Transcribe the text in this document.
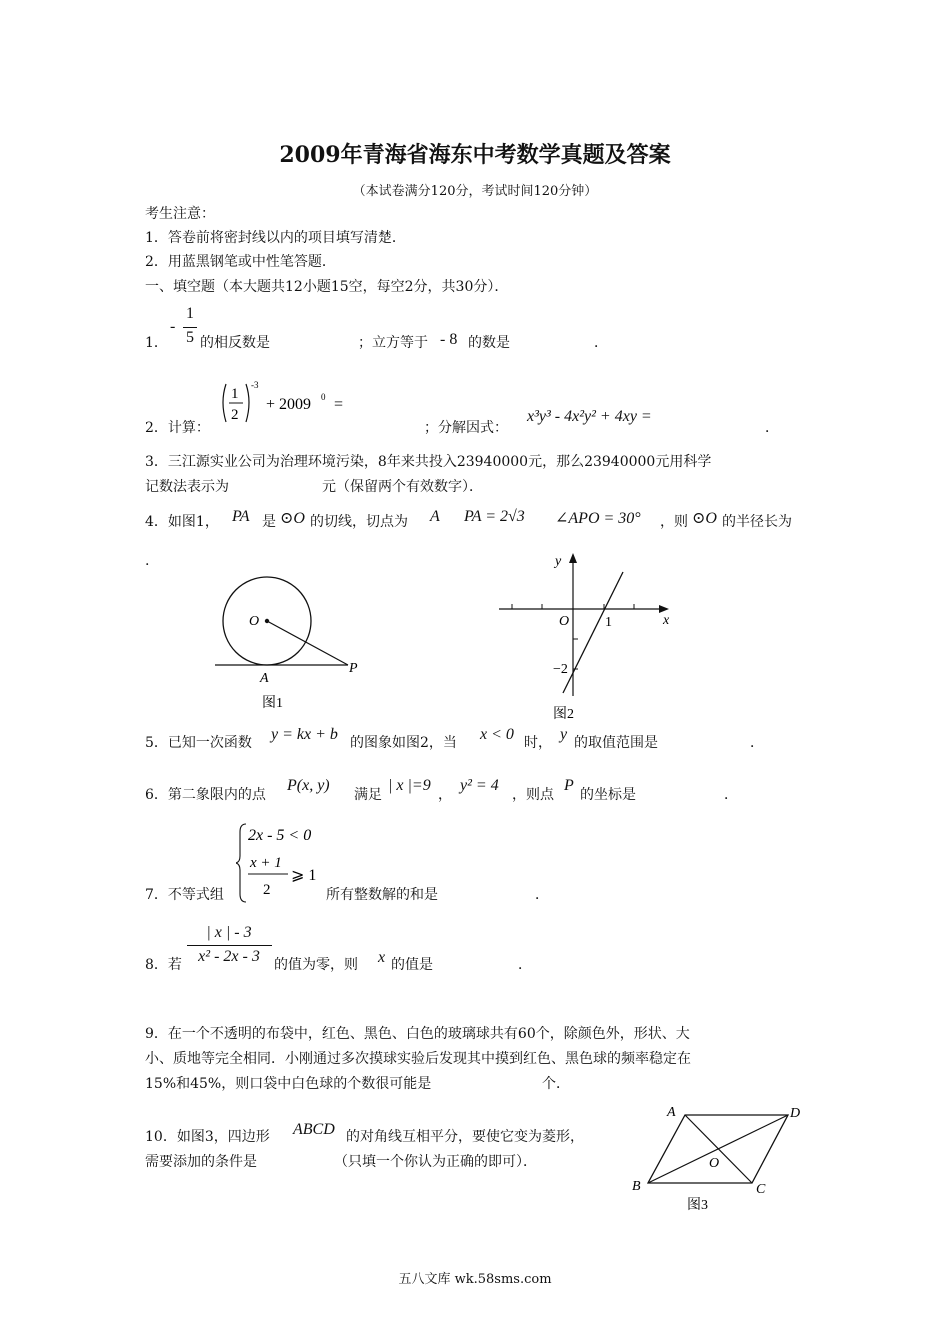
2009年青海省海东中考数学真题及答案
（本试卷满分120分，考试时间120分钟）
考生注意：
1．答卷前将密封线以内的项目填写清楚．
2．用蓝黑钢笔或中性笔答题．
一、填空题（本大题共12小题15空，每空2分，共30分）．
1．
-
1
5 的相反数是	；立方等于 - 8 的数是	．
2．计算：
1
2
-3
+ 2009 0 =
；分解因式：
x³y³ - 4x²y² + 4xy =
．
3．三江源实业公司为治理环境污染，8年来共投入23940000元，那么23940000元用科学
记数法表示为	元（保留两个有效数字）．
4．如图1， PA 是 ⊙O 的切线，切点为 A PA = 2√3 ∠APO = 30° ，则 ⊙O 的半径长为
.
O
A
P
图1
y
x
O	1
−2
图2
5．已知一次函数 y = kx + b 的图象如图2，当 x < 0 时， y 的取值范围是	．
6．第二象限内的点
P(x, y)
满足
| x |=9
，
y² = 4
，则点
P
的坐标是	．
7．不等式组
2x - 5 < 0
x + 1
2
⩾ 1
所有整数解的和是	．
8．若
| x | - 3
x² - 2x - 3	的值为零，则 x 的值是	．
9．在一个不透明的布袋中，红色、黑色、白色的玻璃球共有60个，除颜色外，形状、大
小、质地等完全相同．小刚通过多次摸球实验后发现其中摸到红色、黑色球的频率稳定在
15%和45%，则口袋中白色球的个数很可能是	个．
10．如图3，四边形 ABCD 的对角线互相平分，要使它变为菱形，
需要添加的条件是	（只填一个你认为正确的即可）．
A	D
B	C
O
图3
五八文库 wk.58sms.com
